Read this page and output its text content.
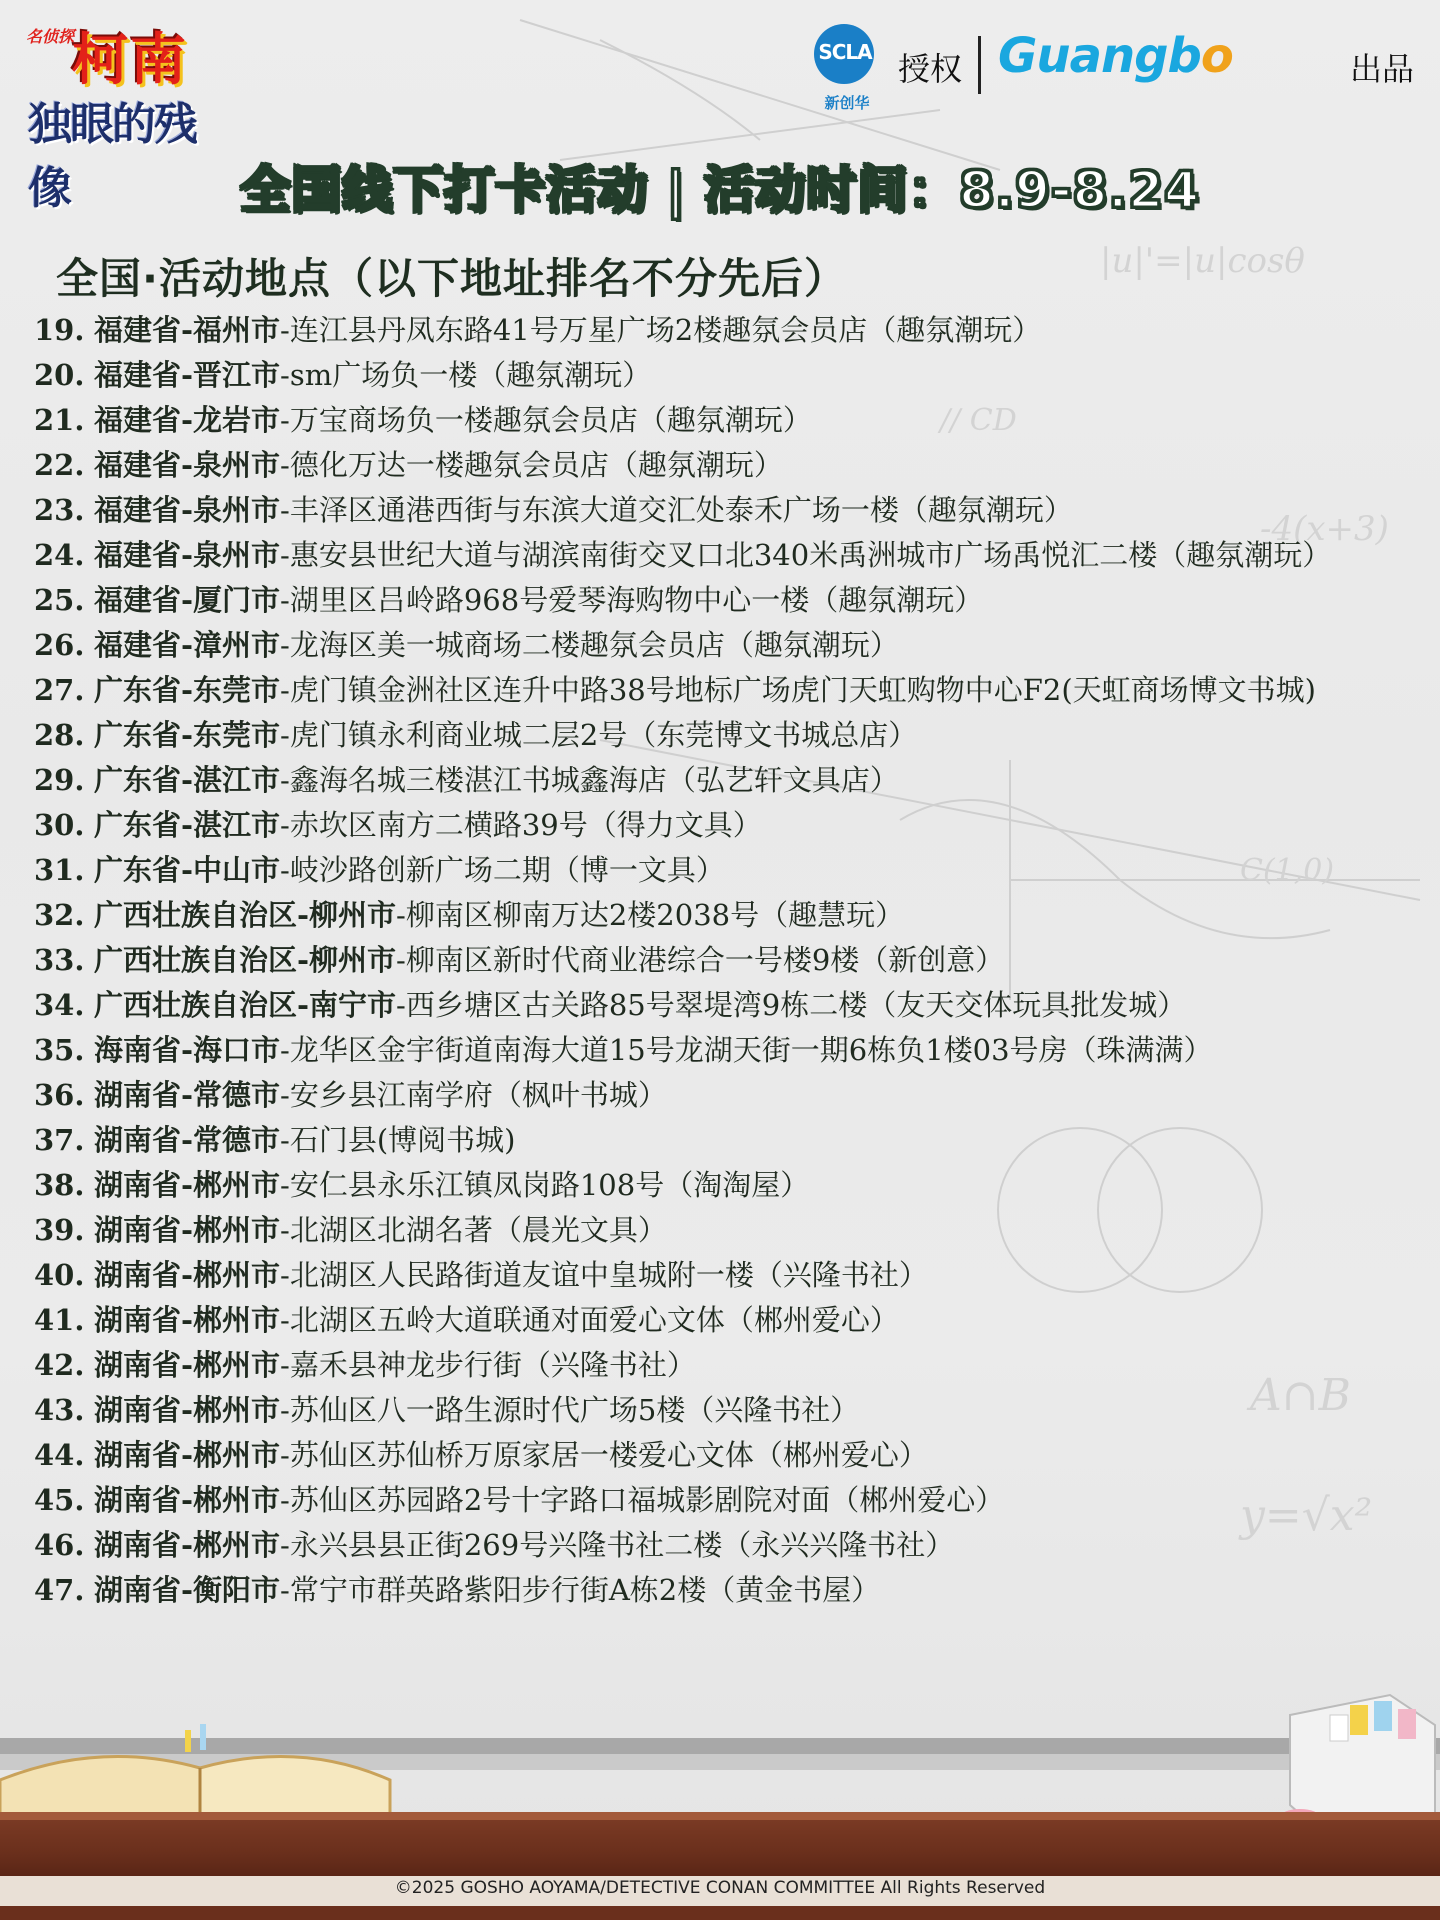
|u|'=|u|cosθ
-4(x+3)
A∩B
y=√x²
// CD
C(1,0)
名侦探
柯南
独眼的残像
SCLA
新创华
授权 Guangbo	出品
全国线下打卡活动 | 活动时间：8.9-8.24
全国·活动地点（以下地址排名不分先后）
19. 福建省-福州市-连江县丹凤东路41号万星广场2楼趣氛会员店（趣氛潮玩）
20. 福建省-晋江市-sm广场负一楼（趣氛潮玩）
21. 福建省-龙岩市-万宝商场负一楼趣氛会员店（趣氛潮玩）
22. 福建省-泉州市-德化万达一楼趣氛会员店（趣氛潮玩）
23. 福建省-泉州市-丰泽区通港西街与东滨大道交汇处泰禾广场一楼（趣氛潮玩）
24. 福建省-泉州市-惠安县世纪大道与湖滨南街交叉口北340米禹洲城市广场禹悦汇二楼（趣氛潮玩）
25. 福建省-厦门市-湖里区吕岭路968号爱琴海购物中心一楼（趣氛潮玩）
26. 福建省-漳州市-龙海区美一城商场二楼趣氛会员店（趣氛潮玩）
27. 广东省-东莞市-虎门镇金洲社区连升中路38号地标广场虎门天虹购物中心F2(天虹商场博文书城)
28. 广东省-东莞市-虎门镇永利商业城二层2号（东莞博文书城总店）
29. 广东省-湛江市-鑫海名城三楼湛江书城鑫海店（弘艺轩文具店）
30. 广东省-湛江市-赤坎区南方二横路39号（得力文具）
31. 广东省-中山市-岐沙路创新广场二期（博一文具）
32. 广西壮族自治区-柳州市-柳南区柳南万达2楼2038号（趣慧玩）
33. 广西壮族自治区-柳州市-柳南区新时代商业港综合一号楼9楼（新创意）
34. 广西壮族自治区-南宁市-西乡塘区古关路85号翠堤湾9栋二楼（友天交体玩具批发城）
35. 海南省-海口市-龙华区金宇街道南海大道15号龙湖天街一期6栋负1楼03号房（珠满满）
36. 湖南省-常德市-安乡县江南学府（枫叶书城）
37. 湖南省-常德市-石门县(博阅书城)
38. 湖南省-郴州市-安仁县永乐江镇凤岗路108号（淘淘屋）
39. 湖南省-郴州市-北湖区北湖名著（晨光文具）
40. 湖南省-郴州市-北湖区人民路街道友谊中皇城附一楼（兴隆书社）
41. 湖南省-郴州市-北湖区五岭大道联通对面爱心文体（郴州爱心）
42. 湖南省-郴州市-嘉禾县神龙步行街（兴隆书社）
43. 湖南省-郴州市-苏仙区八一路生源时代广场5楼（兴隆书社）
44. 湖南省-郴州市-苏仙区苏仙桥万原家居一楼爱心文体（郴州爱心）
45. 湖南省-郴州市-苏仙区苏园路2号十字路口福城影剧院对面（郴州爱心）
46. 湖南省-郴州市-永兴县县正街269号兴隆书社二楼（永兴兴隆书社）
47. 湖南省-衡阳市-常宁市群英路紫阳步行街A栋2楼（黄金书屋）
©2025 GOSHO AOYAMA/DETECTIVE CONAN COMMITTEE All Rights Reserved
